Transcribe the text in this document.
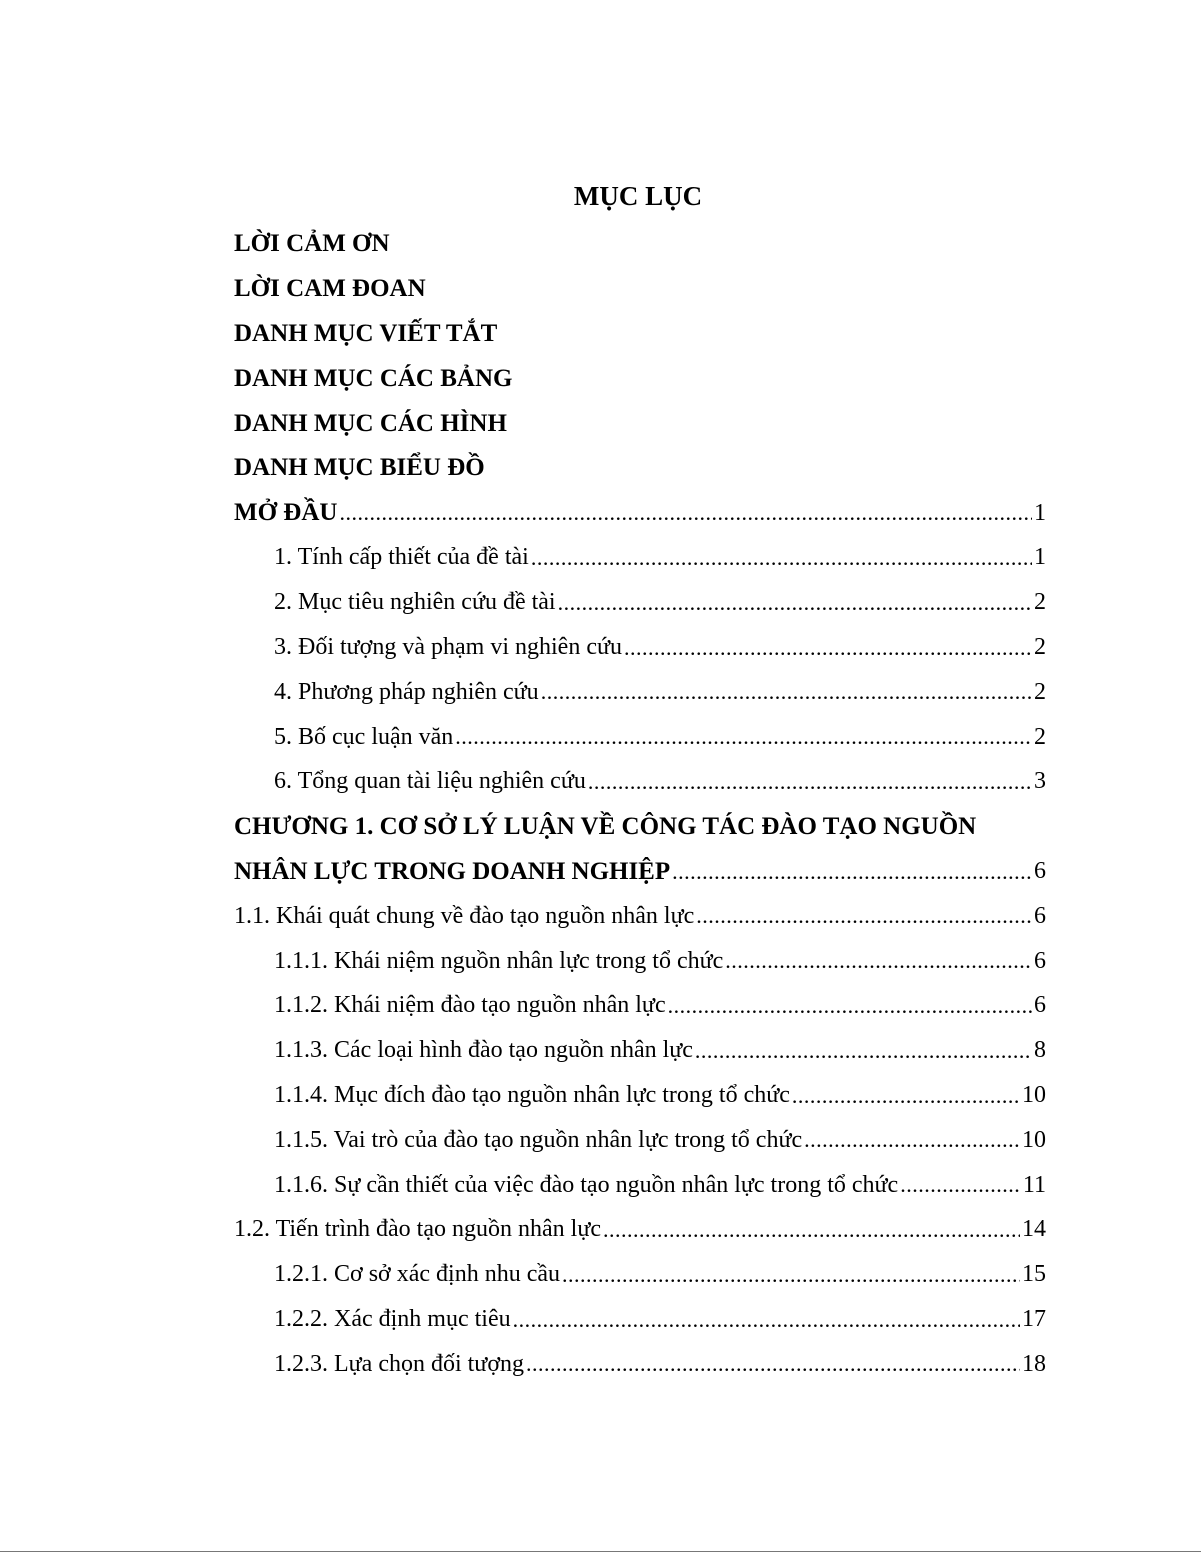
MỤC LỤC
LỜI CẢM ƠN
LỜI CAM ĐOAN
DANH MỤC VIẾT TẮT
DANH MỤC CÁC BẢNG
DANH MỤC CÁC HÌNH
DANH MỤC BIỂU ĐỒ
MỞ ĐẦU .....	1
1. Tính cấp thiết của đề tài .....	1
2. Mục tiêu nghiên cứu đề tài .....	2
3. Đối tượng và phạm vi nghiên cứu .....	2
4. Phương pháp nghiên cứu .....	2
5. Bố cục luận văn .....	2
6. Tổng quan tài liệu nghiên cứu .....	3
CHƯƠNG 1. CƠ SỞ LÝ LUẬN VỀ CÔNG TÁC ĐÀO TẠO NGUỒN
NHÂN LỰC TRONG DOANH NGHIỆP .....	6
1.1. Khái quát chung về đào tạo nguồn nhân lực .....	6
1.1.1. Khái niệm nguồn nhân lực trong tổ chức .....	6
1.1.2. Khái niệm đào tạo nguồn nhân lực .....	6
1.1.3. Các loại hình đào tạo nguồn nhân lực .....	8
1.1.4. Mục đích đào tạo nguồn nhân lực trong tổ chức .....	10
1.1.5. Vai trò của đào tạo nguồn nhân lực trong tổ chức .....	10
1.1.6. Sự cần thiết của việc đào tạo nguồn nhân lực trong tổ chức .....	11
1.2. Tiến trình đào tạo nguồn nhân lực .....	14
1.2.1. Cơ sở xác định nhu cầu .....	15
1.2.2. Xác định mục tiêu .....	17
1.2.3. Lựa chọn đối tượng .....	18
